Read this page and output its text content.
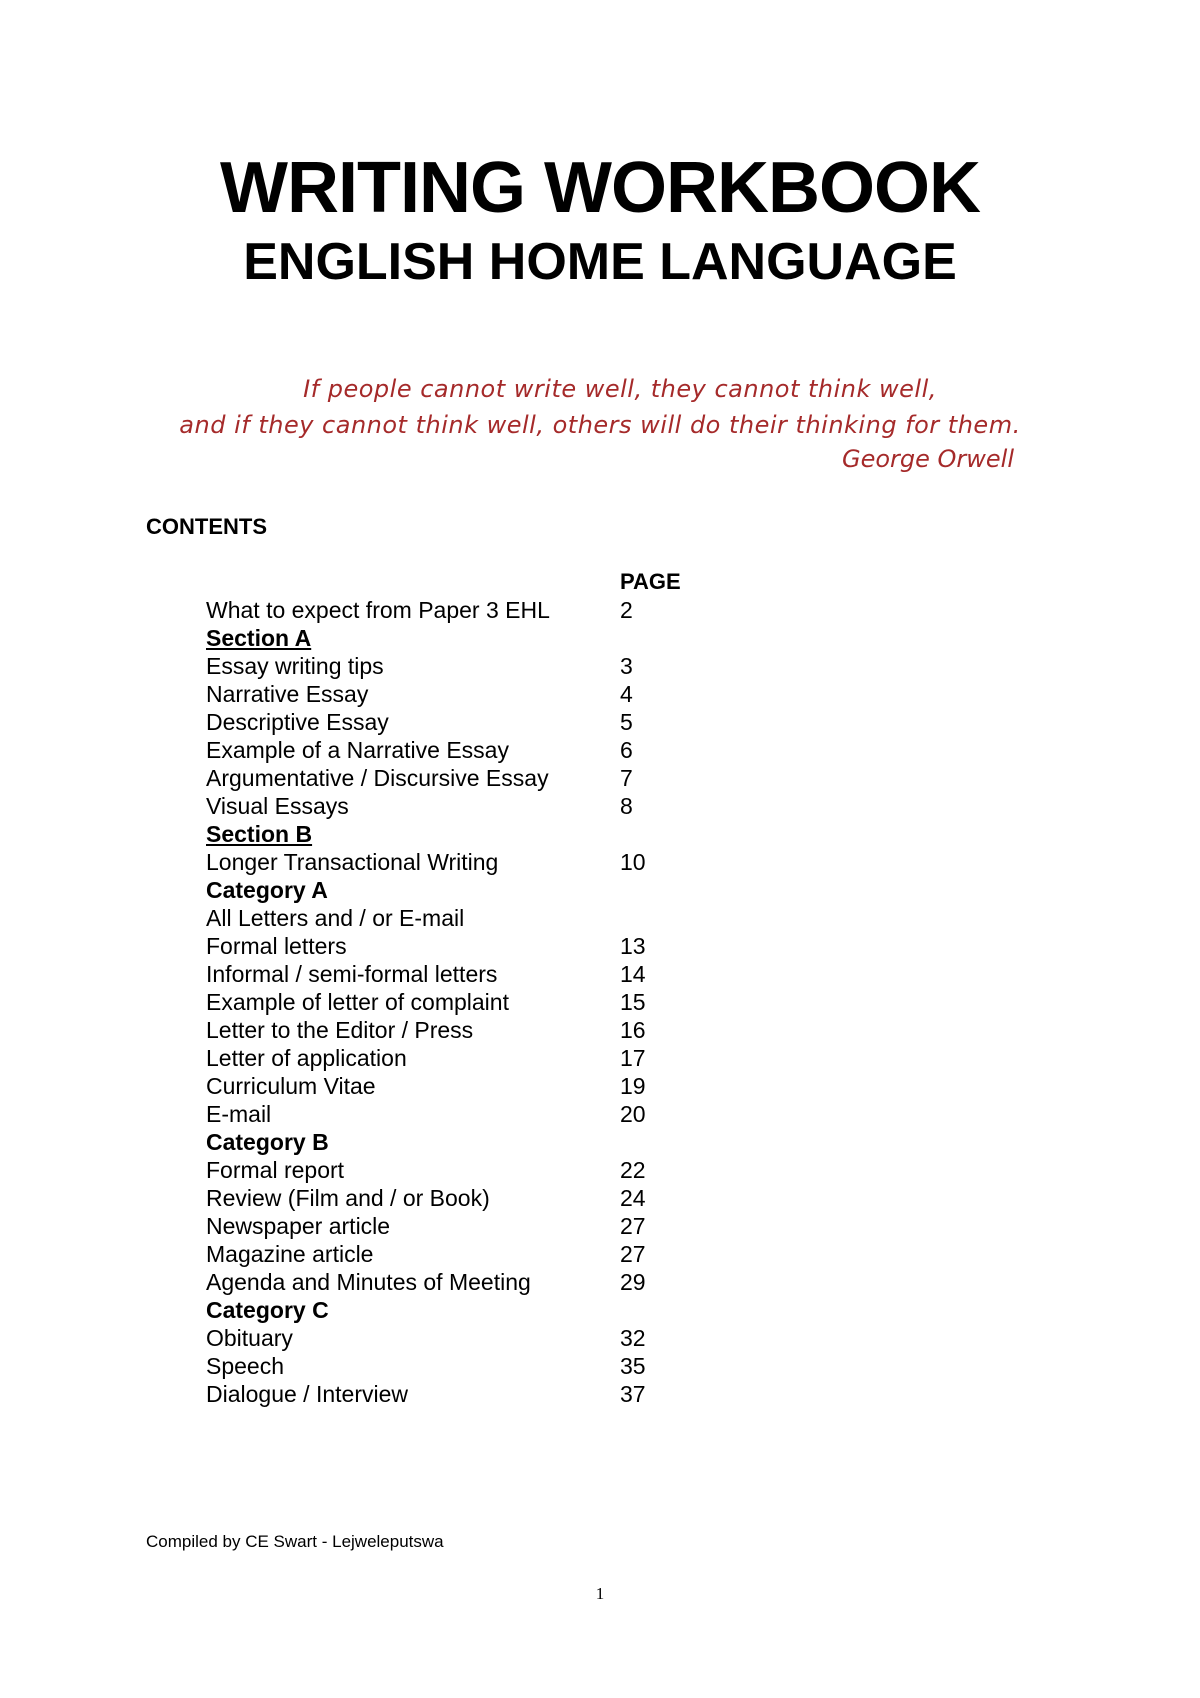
WRITING WORKBOOK
ENGLISH HOME LANGUAGE
If people cannot write well, they cannot think well,
and if they cannot think well, others will do their thinking for them.
George Orwell
CONTENTS
PAGE
What to expect from Paper 3 EHL	2
Section A
Essay writing tips	3
Narrative Essay	4
Descriptive Essay	5
Example of a Narrative Essay	6
Argumentative / Discursive Essay	7
Visual Essays	8
Section B
Longer Transactional Writing	10
Category A
All Letters and / or E-mail
Formal letters	13
Informal / semi-formal letters	14
Example of letter of complaint	15
Letter to the Editor / Press	16
Letter of application	17
Curriculum Vitae	19
E-mail	20
Category B
Formal report	22
Review (Film and / or Book)	24
Newspaper article	27
Magazine article	27
Agenda and Minutes of Meeting	29
Category C
Obituary	32
Speech	35
Dialogue / Interview	37
Compiled by CE Swart - Lejweleputswa
1
